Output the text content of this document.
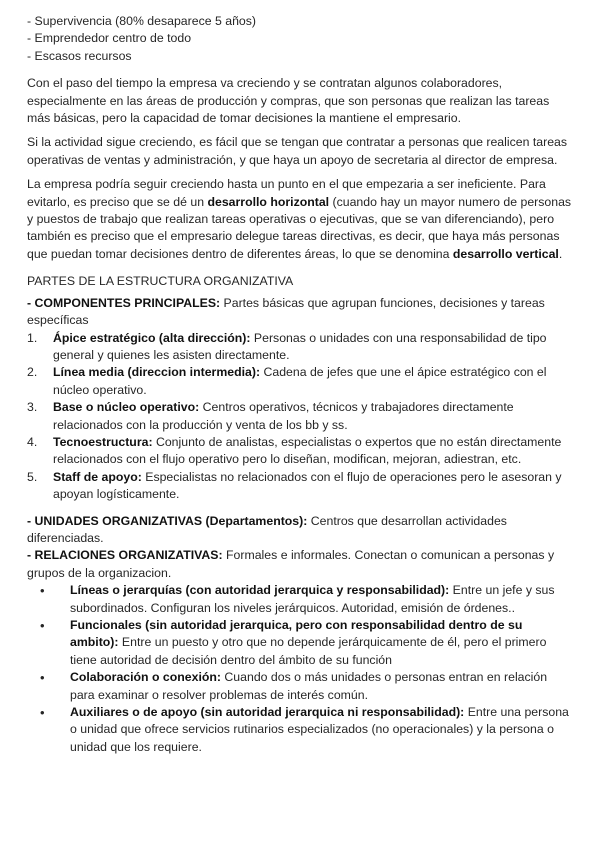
- Supervivencia (80% desaparece 5 años)
- Emprendedor centro de todo
- Escasos recursos

Con el paso del tiempo la empresa va creciendo y se contratan algunos colaboradores, especialmente en las áreas de producción y compras, que son personas que realizan las tareas más básicas, pero la capacidad de tomar decisiones la mantiene el empresario.

Si la actividad sigue creciendo, es fácil que se tengan que contratar a personas que realicen tareas operativas de ventas y administración, y que haya un apoyo de secretaria al director de empresa.

La empresa podría seguir creciendo hasta un punto en el que empezaria a ser ineficiente. Para evitarlo, es preciso que se dé un desarrollo horizontal (cuando hay un mayor numero de personas y puestos de trabajo que realizan tareas operativas o ejecutivas, que se van diferenciando), pero también es preciso que el empresario delegue tareas directivas, es decir, que haya más personas que puedan tomar decisiones dentro de diferentes áreas, lo que se denomina desarrollo vertical.

PARTES DE LA ESTRUCTURA ORGANIZATIVA

- COMPONENTES PRINCIPALES: Partes básicas que agrupan funciones, decisiones y tareas específicas

1. Ápice estratégico (alta dirección): Personas o unidades con una responsabilidad de tipo general y quienes les asisten directamente.
2. Línea media (direccion intermedia): Cadena de jefes que une el ápice estratégico con el núcleo operativo.
3. Base o núcleo operativo: Centros operativos, técnicos y trabajadores directamente relacionados con la producción y venta de los bb y ss.
4. Tecnoestructura: Conjunto de analistas, especialistas o expertos que no están directamente relacionados con el flujo operativo pero lo diseñan, modifican, mejoran, adiestran, etc.
5. Staff de apoyo: Especialistas no relacionados con el flujo de operaciones pero le asesoran y apoyan logísticamente.

- UNIDADES ORGANIZATIVAS (Departamentos): Centros que desarrollan actividades diferenciadas.

- RELACIONES ORGANIZATIVAS: Formales e informales. Conectan o comunican a personas y grupos de la organizacion.

• Líneas o jerarquías (con autoridad jerarquica y responsabilidad): Entre un jefe y sus subordinados. Configuran los niveles jerárquicos. Autoridad, emisión de órdenes..
• Funcionales (sin autoridad jerarquica, pero con responsabilidad dentro de su ambito): Entre un puesto y otro que no depende jerárquicamente de él, pero el primero tiene autoridad de decisión dentro del ámbito de su función
• Colaboración o conexión: Cuando dos o más unidades o personas entran en relación para examinar o resolver problemas de interés común.
• Auxiliares o de apoyo (sin autoridad jerarquica ni responsabilidad): Entre una persona o unidad que ofrece servicios rutinarios especializados (no operacionales) y la persona o unidad que los requiere.
